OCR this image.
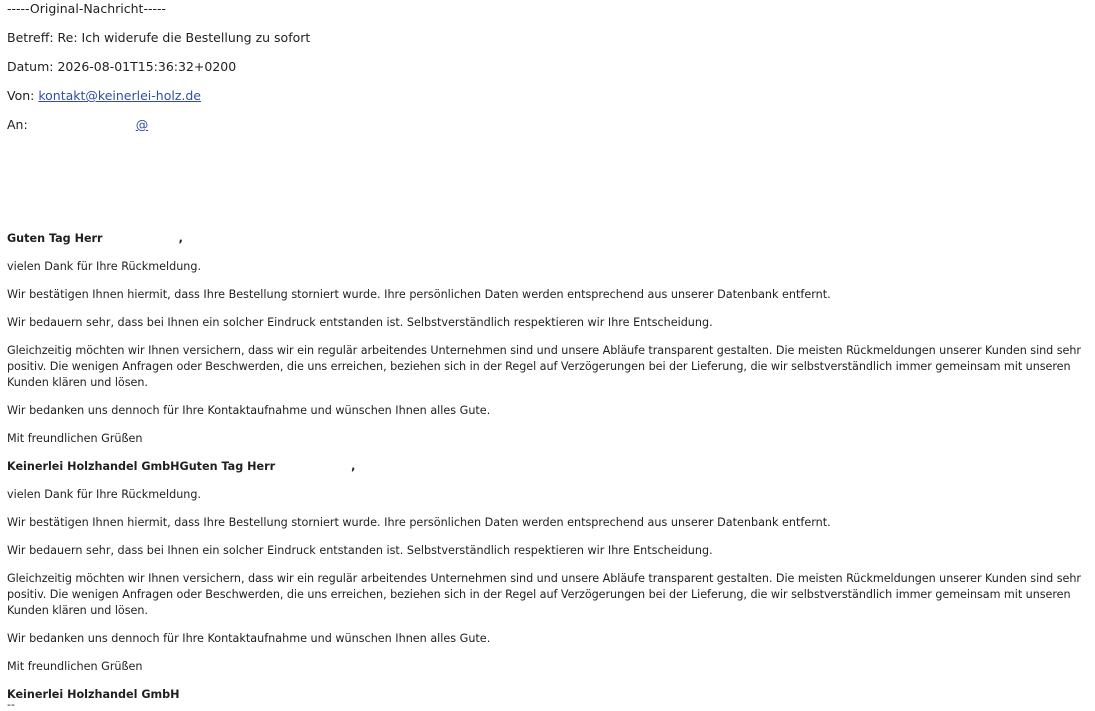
-----Original-Nachricht-----
Betreff: Re: Ich widerufe die Bestellung zu sofort
Datum: 2026-08-01T15:36:32+0200
Von: kontakt@keinerlei-holz.de
An:	@

Guten Tag Herr	,

vielen Dank für Ihre Rückmeldung.

Wir bestätigen Ihnen hiermit, dass Ihre Bestellung storniert wurde. Ihre persönlichen Daten werden entsprechend aus unserer Datenbank entfernt.

Wir bedauern sehr, dass bei Ihnen ein solcher Eindruck entstanden ist. Selbstverständlich respektieren wir Ihre Entscheidung.

Gleichzeitig möchten wir Ihnen versichern, dass wir ein regulär arbeitendes Unternehmen sind und unsere Abläufe transparent gestalten. Die meisten Rückmeldungen unserer Kunden sind sehr positiv. Die wenigen Anfragen oder Beschwerden, die uns erreichen, beziehen sich in der Regel auf Verzögerungen bei der Lieferung, die wir selbstverständlich immer gemeinsam mit unseren Kunden klären und lösen.

Wir bedanken uns dennoch für Ihre Kontaktaufnahme und wünschen Ihnen alles Gute.

Mit freundlichen Grüßen

Keinerlei Holzhandel GmbHGuten Tag Herr	,

vielen Dank für Ihre Rückmeldung.

Wir bestätigen Ihnen hiermit, dass Ihre Bestellung storniert wurde. Ihre persönlichen Daten werden entsprechend aus unserer Datenbank entfernt.

Wir bedauern sehr, dass bei Ihnen ein solcher Eindruck entstanden ist. Selbstverständlich respektieren wir Ihre Entscheidung.

Gleichzeitig möchten wir Ihnen versichern, dass wir ein regulär arbeitendes Unternehmen sind und unsere Abläufe transparent gestalten. Die meisten Rückmeldungen unserer Kunden sind sehr positiv. Die wenigen Anfragen oder Beschwerden, die uns erreichen, beziehen sich in der Regel auf Verzögerungen bei der Lieferung, die wir selbstverständlich immer gemeinsam mit unseren Kunden klären und lösen.

Wir bedanken uns dennoch für Ihre Kontaktaufnahme und wünschen Ihnen alles Gute.

Mit freundlichen Grüßen

Keinerlei Holzhandel GmbH

--
